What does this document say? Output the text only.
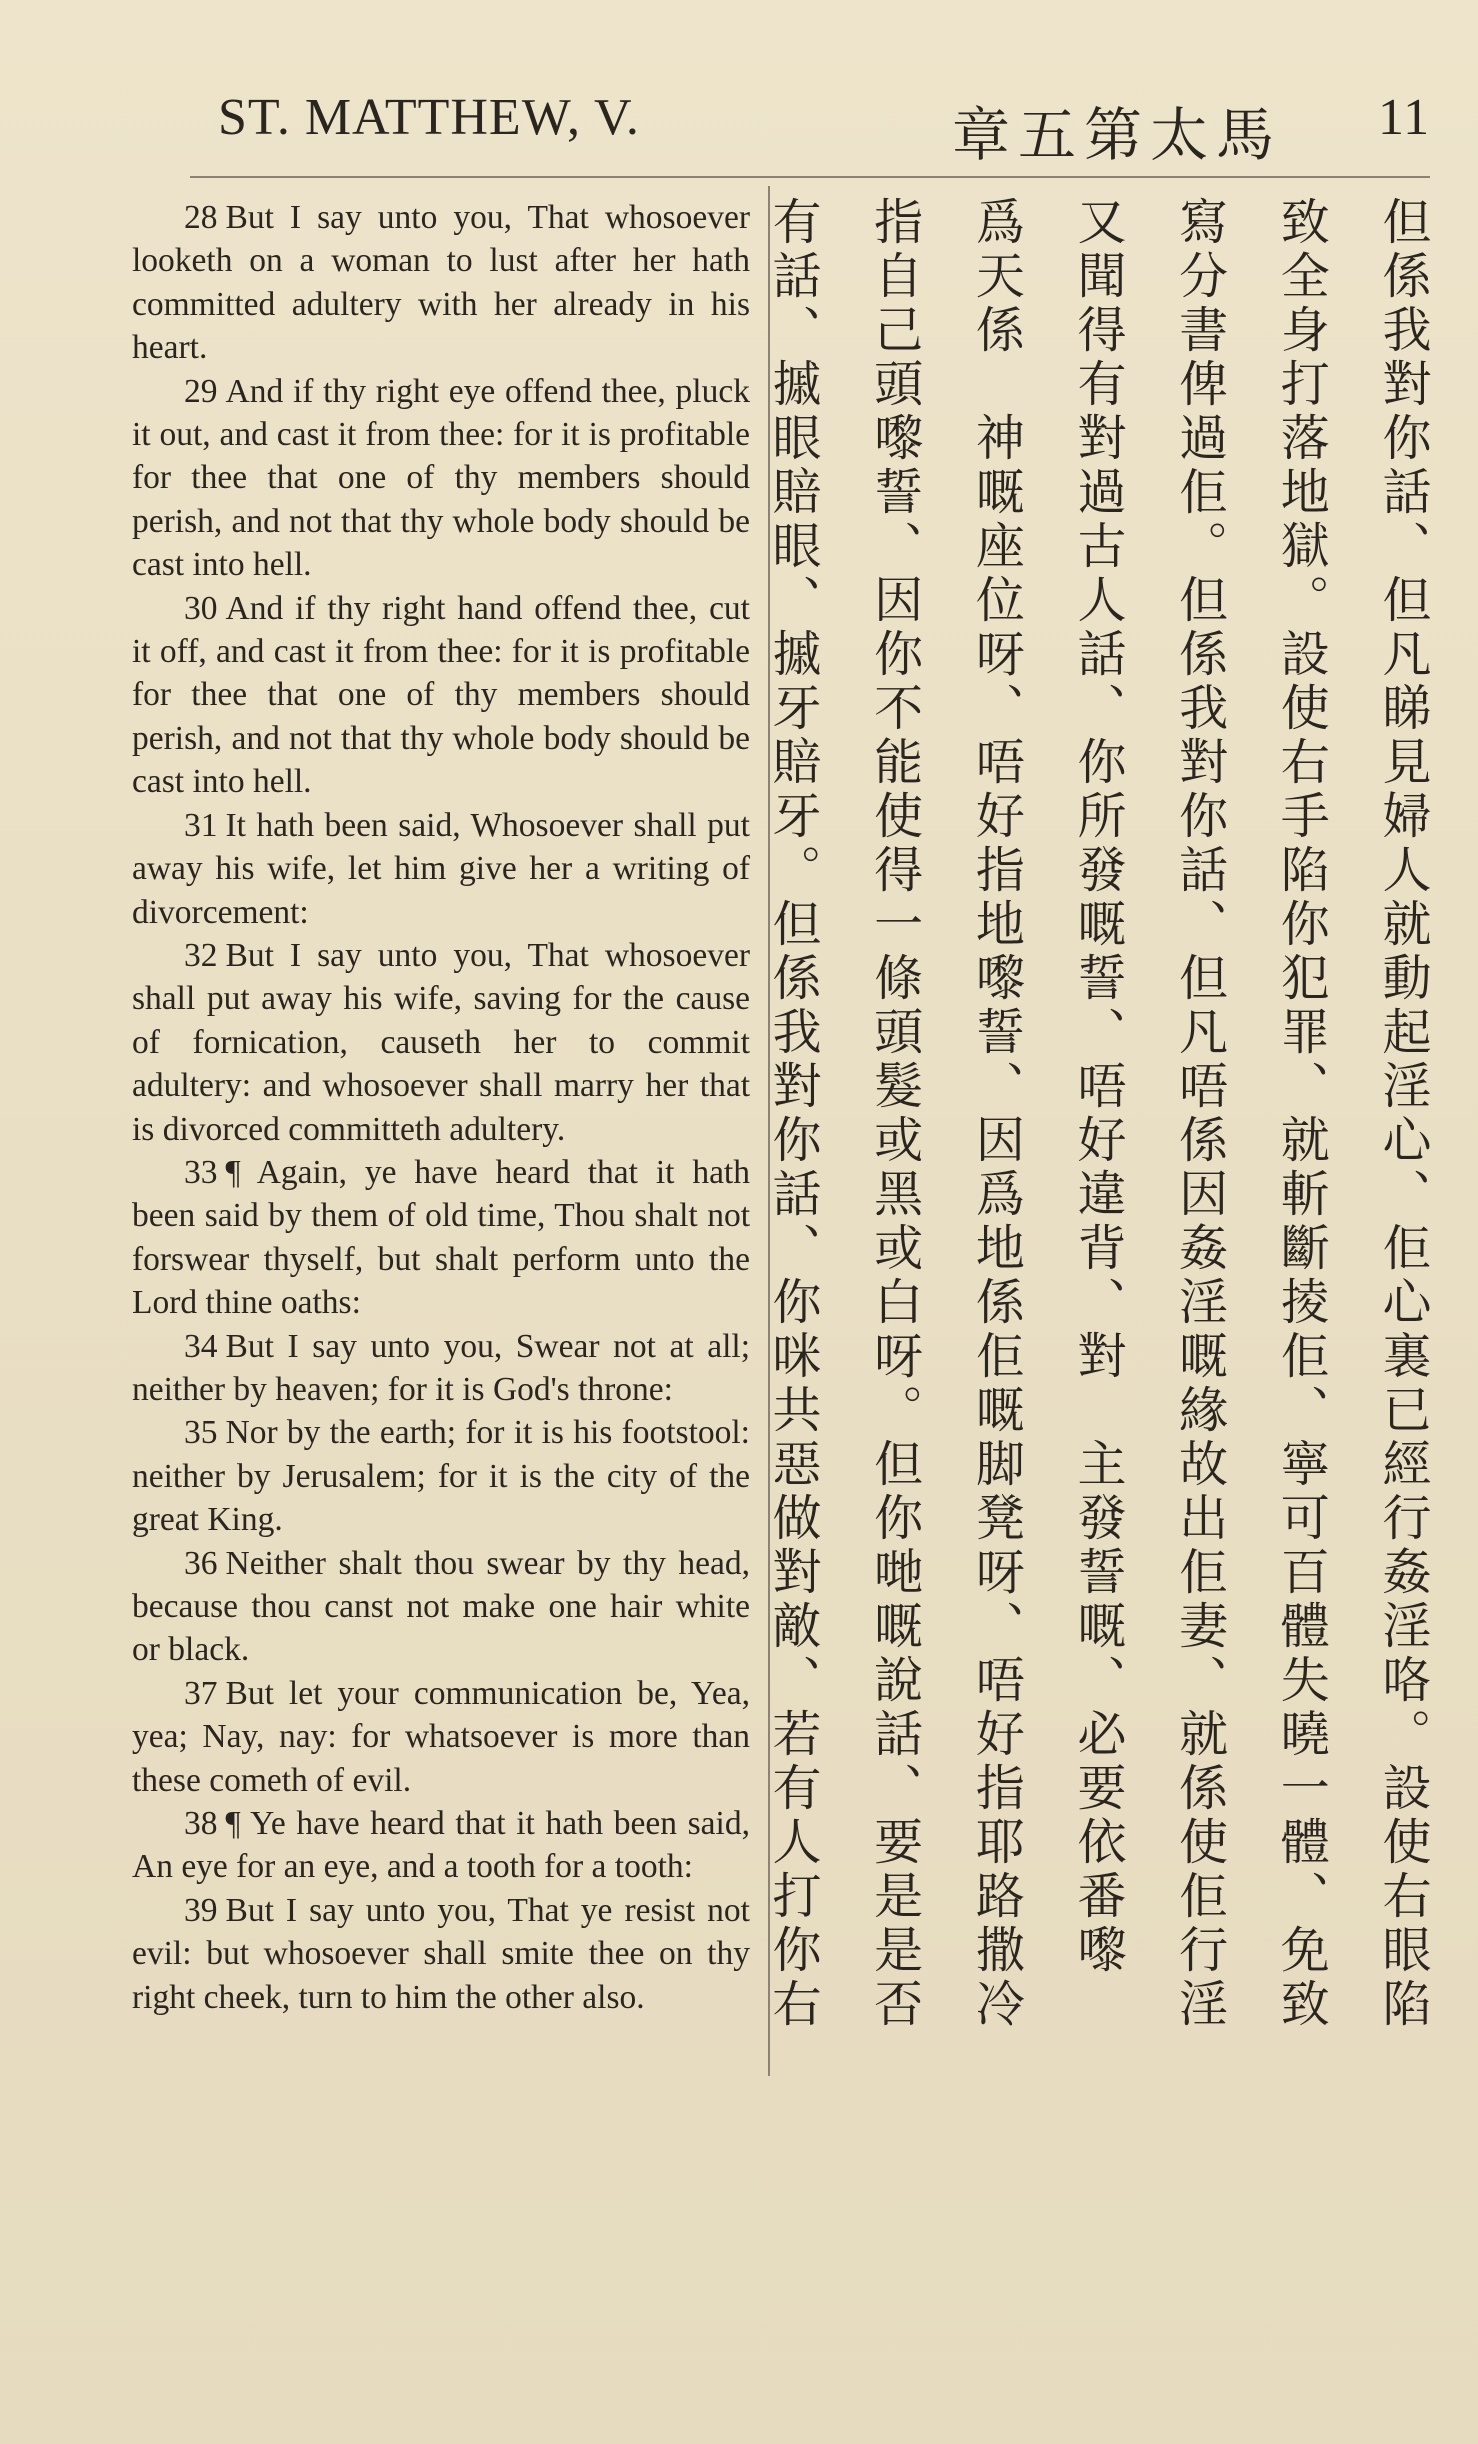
ST. MATTHEW, V.	章五第太馬 11

28 But I say unto you, That whosoever looketh on a woman to lust after her hath committed adultery with her already in his heart.

29 And if thy right eye offend thee, pluck it out, and cast it from thee: for it is profitable for thee that one of thy members should perish, and not that thy whole body should be cast into hell.

30 And if thy right hand offend thee, cut it off, and cast it from thee: for it is profitable for thee that one of thy members should perish, and not that thy whole body should be cast into hell.

31 It hath been said, Whosoever shall put away his wife, let him give her a writing of divorcement:

32 But I say unto you, That whosoever shall put away his wife, saving for the cause of fornication, causeth her to commit adultery: and whosoever shall marry her that is divorced committeth adultery.

33 ¶ Again, ye have heard that it hath been said by them of old time, Thou shalt not forswear thyself, but shalt perform unto the Lord thine oaths:

34 But I say unto you, Swear not at all; neither by heaven; for it is God's throne:

35 Nor by the earth; for it is his footstool: neither by Jerusalem; for it is the city of the great King.

36 Neither shalt thou swear by thy head, because thou canst not make one hair white or black.

37 But let your communication be, Yea, yea; Nay, nay: for whatsoever is more than these cometh of evil.

38 ¶ Ye have heard that it hath been said, An eye for an eye, and a tooth for a tooth:

39 But I say unto you, That ye resist not evil: but whosoever shall smite thee on thy right cheek, turn to him the other also.

但係我對你話、但凡睇見婦人就動起淫心、佢心裏已經行姦淫咯。設使右眼陷
致全身打落地獄。設使右手陷你犯罪、就斬斷掕佢、寧可百體失曉一體、免致
寫分書俾過佢。但係我對你話、但凡唔係因姦淫嘅緣故出佢妻、就係使佢行淫
又聞得有對過古人話、你所發嘅誓、唔好違背、對　主發誓嘅、必要依番嚟
爲天係　神嘅座位呀、唔好指地嚟誓、因爲地係佢嘅脚凳呀、唔好指耶路撒冷
指自己頭嚟誓、因你不能使得一條頭髮或黑或白呀。但你哋嘅說話、要是是否
有話、摵眼賠眼、摵牙賠牙。但係我對你話、你咪共惡做對敵、若有人打你右
